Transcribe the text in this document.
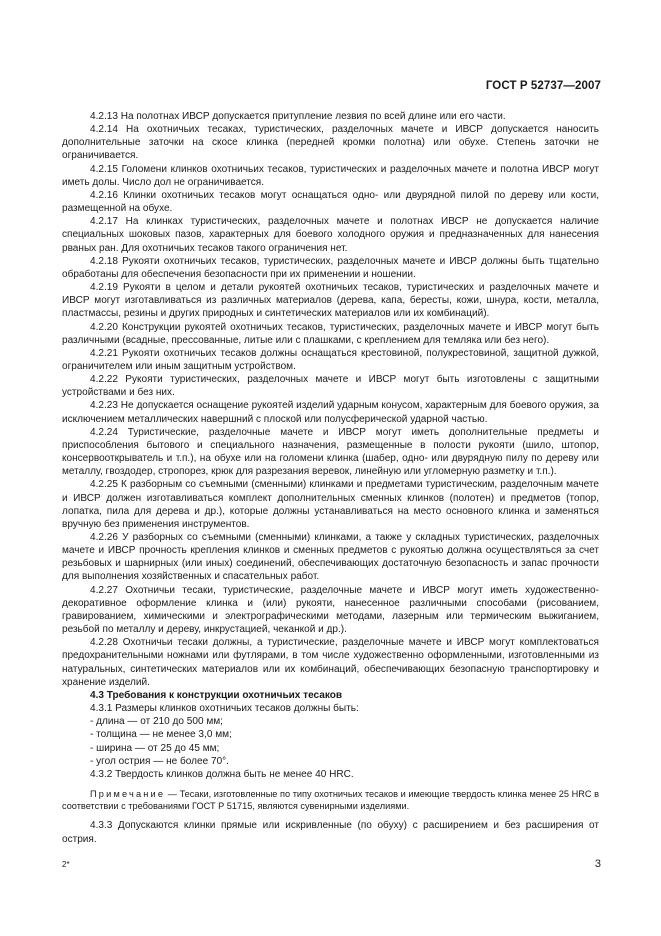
ГОСТ Р 52737—2007

4.2.13 На полотнах ИВСР допускается притупление лезвия по всей длине или его части.

4.2.14 На охотничьих тесаках, туристических, разделочных мачете и ИВСР допускается наносить дополнительные заточки на скосе клинка (передней кромки полотна) или обухе. Степень заточки не ограничивается.

4.2.15 Голомени клинков охотничьих тесаков, туристических и разделочных мачете и полотна ИВСР могут иметь долы. Число дол не ограничивается.

4.2.16 Клинки охотничьих тесаков могут оснащаться одно- или двурядной пилой по дереву или кости, размещенной на обухе.

4.2.17 На клинках туристических, разделочных мачете и полотнах ИВСР не допускается наличие специальных шоковых пазов, характерных для боевого холодного оружия и предназначенных для нанесения рваных ран. Для охотничьих тесаков такого ограничения нет.

4.2.18 Рукояти охотничьих тесаков, туристических, разделочных мачете и ИВСР должны быть тщательно обработаны для обеспечения безопасности при их применении и ношении.

4.2.19 Рукояти в целом и детали рукоятей охотничьих тесаков, туристических и разделочных мачете и ИВСР могут изготавливаться из различных материалов (дерева, капа, бересты, кожи, шнура, кости, металла, пластмассы, резины и других природных и синтетических материалов или их комбинаций).

4.2.20 Конструкции рукоятей охотничьих тесаков, туристических, разделочных мачете и ИВСР могут быть различными (всадные, прессованные, литые или с плашками, с креплением для темляка или без него).

4.2.21 Рукояти охотничьих тесаков должны оснащаться крестовиной, полукрестовиной, защитной дужкой, ограничителем или иным защитным устройством.

4.2.22 Рукояти туристических, разделочных мачете и ИВСР могут быть изготовлены с защитными устройствами и без них.

4.2.23 Не допускается оснащение рукоятей изделий ударным конусом, характерным для боевого оружия, за исключением металлических навершний с плоской или полусферической ударной частью.

4.2.24 Туристические, разделочные мачете и ИВСР могут иметь дополнительные предметы и приспособления бытового и специального назначения, размещенные в полости рукояти (шило, штопор, консервооткрыватель и т.п.), на обухе или на голомени клинка (шабер, одно- или двурядную пилу по дереву или металлу, гвоздодер, стропорез, крюк для разрезания веревок, линейную или угломерную разметку и т.п.).

4.2.25 К разборным со съемными (сменными) клинками и предметами туристическим, разделочным мачете и ИВСР должен изготавливаться комплект дополнительных сменных клинков (полотен) и предметов (топор, лопатка, пила для дерева и др.), которые должны устанавливаться на место основного клинка и заменяться вручную без применения инструментов.

4.2.26 У разборных со съемными (сменными) клинками, а также у складных туристических, разделочных мачете и ИВСР прочность крепления клинков и сменных предметов с рукоятью должна осуществляться за счет резьбовых и шарнирных (или иных) соединений, обеспечивающих достаточную безопасность и запас прочности для выполнения хозяйственных и спасательных работ.

4.2.27 Охотничьи тесаки, туристические, разделочные мачете и ИВСР могут иметь художественно-декоративное оформление клинка и (или) рукояти, нанесенное различными способами (рисованием, гравированием, химическими и электрографическими методами, лазерным или термическим выжиганием, резьбой по металлу и дереву, инкрустацией, чеканкой и др.).

4.2.28 Охотничьи тесаки должны, а туристические, разделочные мачете и ИВСР могут комплектоваться предохранительными ножнами или футлярами, в том числе художественно оформленными, изготовленными из натуральных, синтетических материалов или их комбинаций, обеспечивающих безопасную транспортировку и хранение изделий.

4.3 Требования к конструкции охотничьих тесаков

4.3.1 Размеры клинков охотничьих тесаков должны быть:

- длина — от 210 до 500 мм;

- толщина — не менее 3,0 мм;

- ширина — от 25 до 45 мм;

- угол острия — не более 70°.

4.3.2 Твердость клинков должна быть не менее 40 HRC.

Примечание — Тесаки, изготовленные по типу охотничьих тесаков и имеющие твердость клинка менее 25 HRC в соответствии с требованиями ГОСТ Р 51715, являются сувенирными изделиями.

4.3.3 Допускаются клинки прямые или искривленные (по обуху) с расширением и без расширения от острия.

2*	3
